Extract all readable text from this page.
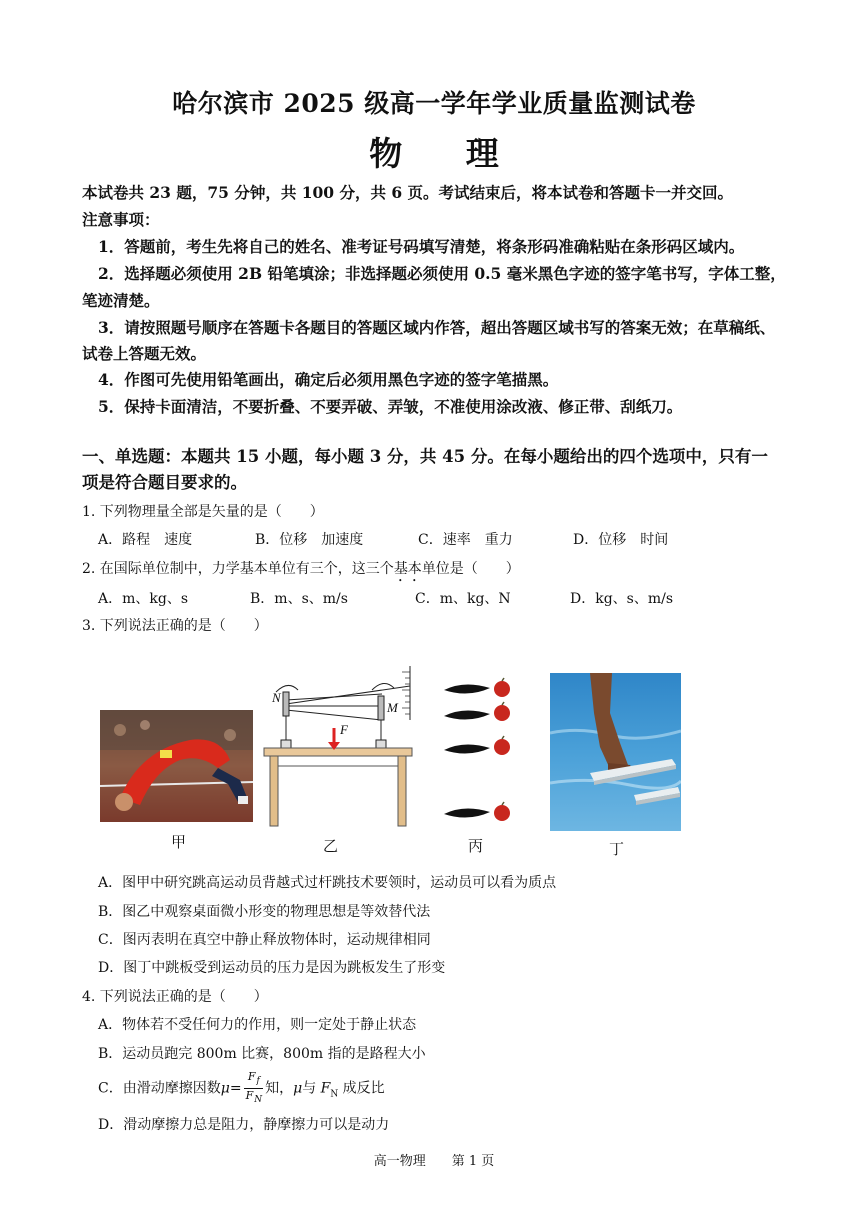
哈尔滨市 2025 级高一学年学业质量监测试卷
物 理
本试卷共 23 题，75 分钟，共 100 分，共 6 页。考试结束后，将本试卷和答题卡一并交回。
注意事项：
1．答题前，考生先将自己的姓名、准考证号码填写清楚，将条形码准确粘贴在条形码区域内。
2．选择题必须使用 2B 铅笔填涂；非选择题必须使用 0.5 毫米黑色字迹的签字笔书写，字体工整，
笔迹清楚。
3．请按照题号顺序在答题卡各题目的答题区域内作答，超出答题区域书写的答案无效；在草稿纸、
试卷上答题无效。
4．作图可先使用铅笔画出，确定后必须用黑色字迹的签字笔描黑。
5．保持卡面清洁，不要折叠、不要弄破、弄皱，不准使用涂改液、修正带、刮纸刀。
一、单选题：本题共 15 小题，每小题 3 分，共 45 分。在每小题给出的四个选项中，只有一
项是符合题目要求的。
1. 下列物理量全部是矢量的是（　　）
A．路程　速度	B．位移　加速度	C．速率　重力	D．位移　时间
2. 在国际单位制中，力学基本单位有三个，这三个基本单位是（　　）
A．m、kg、s	B．m、s、m/s	C．m、kg、N	D．kg、s、m/s
3. 下列说法正确的是（　　）
N
M
F
甲	乙	丙	丁
A．图甲中研究跳高运动员背越式过杆跳技术要领时，运动员可以看为质点
B．图乙中观察桌面微小形变的物理思想是等效替代法
C．图丙表明在真空中静止释放物体时，运动规律相同
D．图丁中跳板受到运动员的压力是因为跳板发生了形变
4. 下列说法正确的是（　　）
A．物体若不受任何力的作用，则一定处于静止状态
B．运动员跑完 800m 比赛，800m 指的是路程大小
C．由滑动摩擦因数$\mu= \frac{F_f}{F_N}$ 知，μ与 $F_N$ 成反比
D．滑动摩擦力总是阻力，静摩擦力可以是动力
高一物理　　第 1 页
